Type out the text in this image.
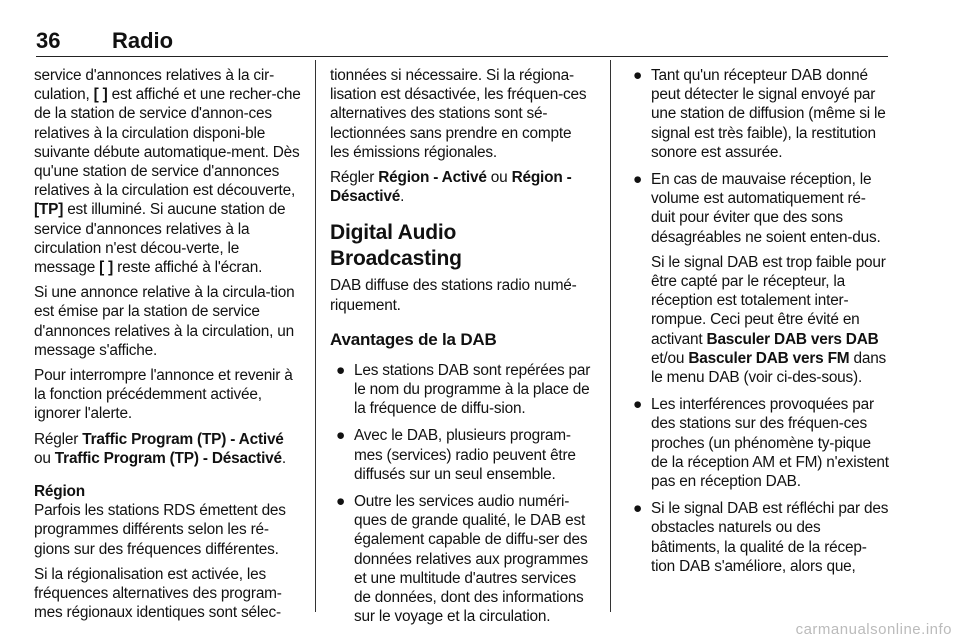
36 Radio

service d'annonces relatives à la cir-culation, [ ] est affiché et une recher-che de la station de service d'annon-ces relatives à la circulation disponi-ble suivante débute automatique-ment. Dès qu'une station de service d'annonces relatives à la circulation est découverte, [TP] est illuminé. Si aucune station de service d'annonces relatives à la circulation n'est décou-verte, le message [ ] reste affiché à l'écran.

Si une annonce relative à la circula-tion est émise par la station de service d'annonces relatives à la circulation, un message s'affiche.

Pour interrompre l'annonce et revenir à la fonction précédemment activée, ignorer l'alerte.

Régler Traffic Program (TP) - Activé ou Traffic Program (TP) - Désactivé.

Région

Parfois les stations RDS émettent des programmes différents selon les ré-gions sur des fréquences différentes.

Si la régionalisation est activée, les fréquences alternatives des program-mes régionaux identiques sont sélec-

tionnées si nécessaire. Si la régiona-lisation est désactivée, les fréquen-ces alternatives des stations sont sé-lectionnées sans prendre en compte les émissions régionales.

Régler Région - Activé ou Région - Désactivé.

Digital Audio Broadcasting

DAB diffuse des stations radio numé-riquement.

Avantages de la DAB
● Les stations DAB sont repérées par le nom du programme à la place de la fréquence de diffu-sion.
● Avec le DAB, plusieurs program-mes (services) radio peuvent être diffusés sur un seul ensemble.
● Outre les services audio numéri-ques de grande qualité, le DAB est également capable de diffu-ser des données relatives aux programmes et une multitude d'autres services de données, dont des informations sur le voyage et la circulation.
● Tant qu'un récepteur DAB donné peut détecter le signal envoyé par une station de diffusion (même si le signal est très faible), la restitution sonore est assurée.
● En cas de mauvaise réception, le volume est automatiquement ré-duit pour éviter que des sons désagréables ne soient enten-dus.
Si le signal DAB est trop faible pour être capté par le récepteur, la réception est totalement inter-rompue. Ceci peut être évité en activant Basculer DAB vers DAB et/ou Basculer DAB vers FM dans le menu DAB (voir ci-des-sous).
● Les interférences provoquées par des stations sur des fréquen-ces proches (un phénomène ty-pique de la réception AM et FM) n'existent pas en réception DAB.
● Si le signal DAB est réfléchi par des obstacles naturels ou des bâtiments, la qualité de la récep-tion DAB s'améliore, alors que,
carmanualsonline.info
